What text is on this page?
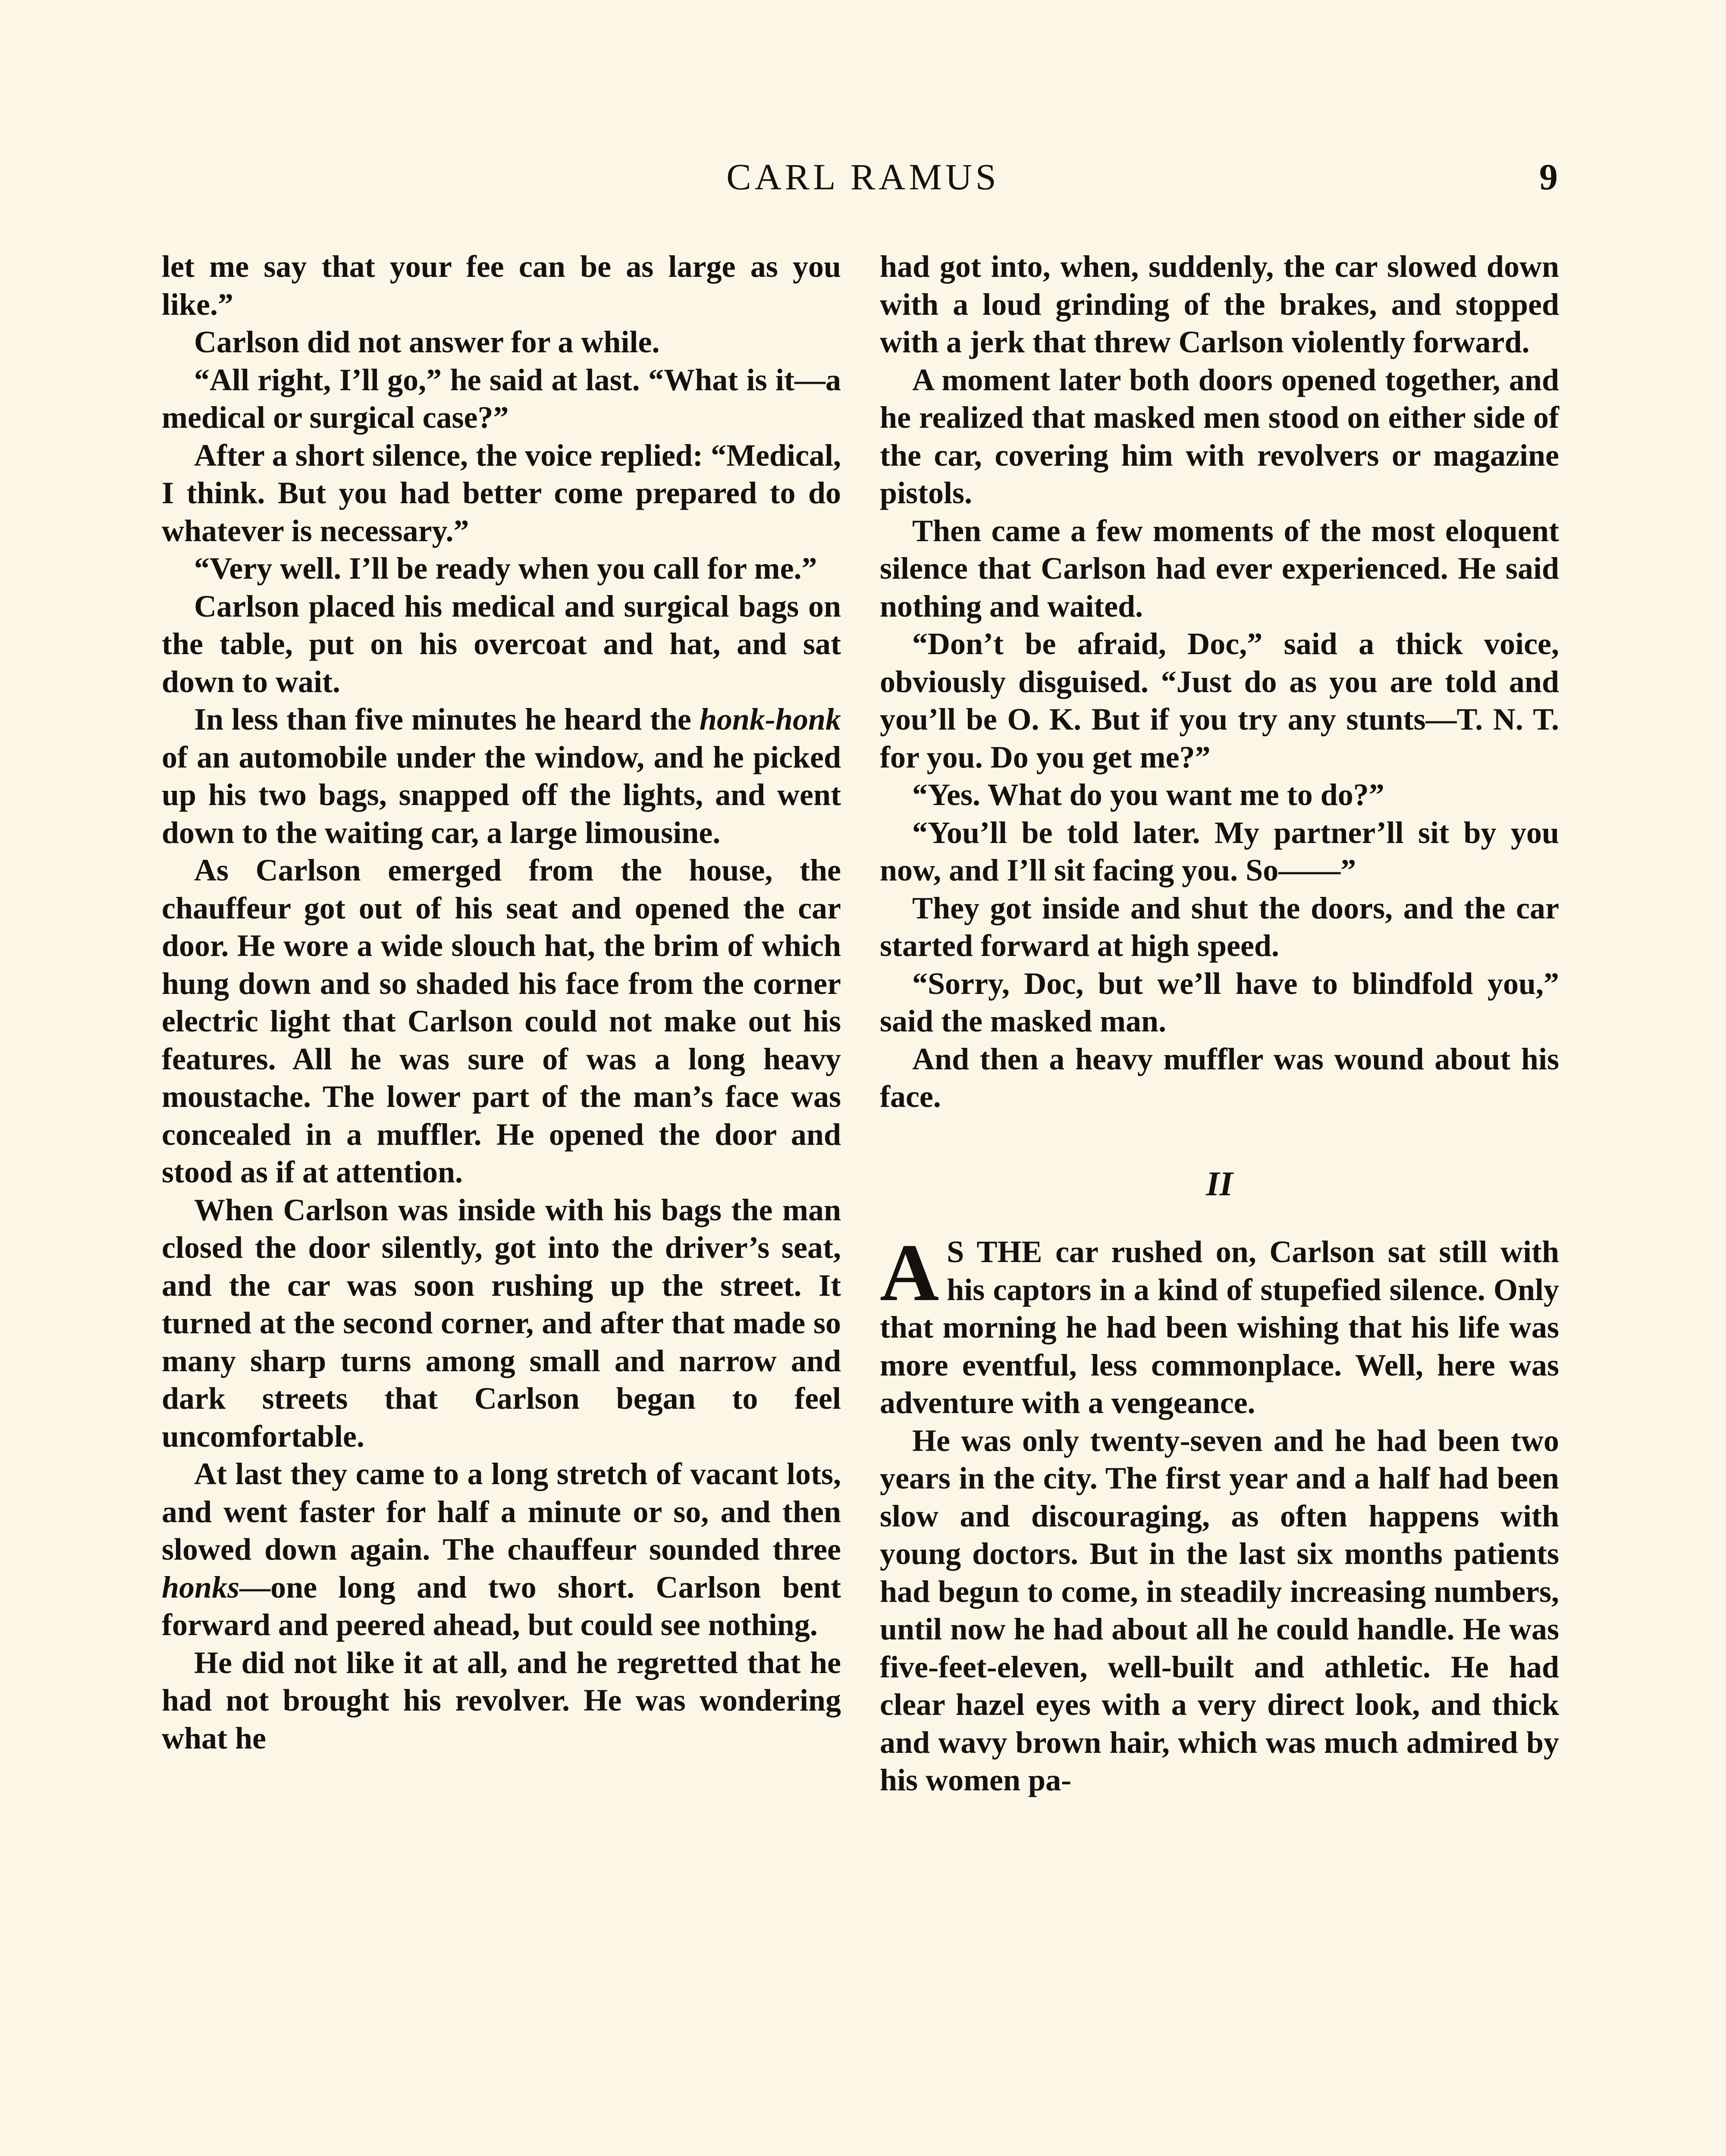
CARL RAMUS	9

let me say that your fee can be as large as you like.”

Carlson did not answer for a while.

“All right, I’ll go,” he said at last. “What is it—a medical or surgical case?”

After a short silence, the voice replied: “Medical, I think. But you had better come prepared to do whatever is necessary.”

“Very well. I’ll be ready when you call for me.”

Carlson placed his medical and surgical bags on the table, put on his overcoat and hat, and sat down to wait.

In less than five minutes he heard the honk-honk of an automobile under the window, and he picked up his two bags, snapped off the lights, and went down to the waiting car, a large limousine.

As Carlson emerged from the house, the chauffeur got out of his seat and opened the car door. He wore a wide slouch hat, the brim of which hung down and so shaded his face from the corner electric light that Carlson could not make out his features. All he was sure of was a long heavy moustache. The lower part of the man’s face was concealed in a muffler. He opened the door and stood as if at attention.

When Carlson was inside with his bags the man closed the door silently, got into the driver’s seat, and the car was soon rushing up the street. It turned at the second corner, and after that made so many sharp turns among small and narrow and dark streets that Carlson began to feel uncomfortable.

At last they came to a long stretch of vacant lots, and went faster for half a minute or so, and then slowed down again. The chauffeur sounded three honks—one long and two short. Carlson bent forward and peered ahead, but could see nothing.

He did not like it at all, and he regretted that he had not brought his revolver. He was wondering what he

had got into, when, suddenly, the car slowed down with a loud grinding of the brakes, and stopped with a jerk that threw Carlson violently forward.

A moment later both doors opened together, and he realized that masked men stood on either side of the car, covering him with revolvers or magazine pistols.

Then came a few moments of the most eloquent silence that Carlson had ever experienced. He said nothing and waited.

“Don’t be afraid, Doc,” said a thick voice, obviously disguised. “Just do as you are told and you’ll be O. K. But if you try any stunts—T. N. T. for you. Do you get me?”

“Yes. What do you want me to do?”

“You’ll be told later. My partner’ll sit by you now, and I’ll sit facing you. So——”

They got inside and shut the doors, and the car started forward at high speed.

“Sorry, Doc, but we’ll have to blindfold you,” said the masked man.

And then a heavy muffler was wound about his face.

II

A S THE car rushed on, Carlson sat still with his captors in a kind of stupefied silence. Only that morning he had been wishing that his life was more eventful, less commonplace. Well, here was adventure with a vengeance.

He was only twenty-seven and he had been two years in the city. The first year and a half had been slow and discouraging, as often happens with young doctors. But in the last six months patients had begun to come, in steadily increasing numbers, until now he had about all he could handle. He was five-feet-eleven, well-built and athletic. He had clear hazel eyes with a very direct look, and thick and wavy brown hair, which was much admired by his women pa-
